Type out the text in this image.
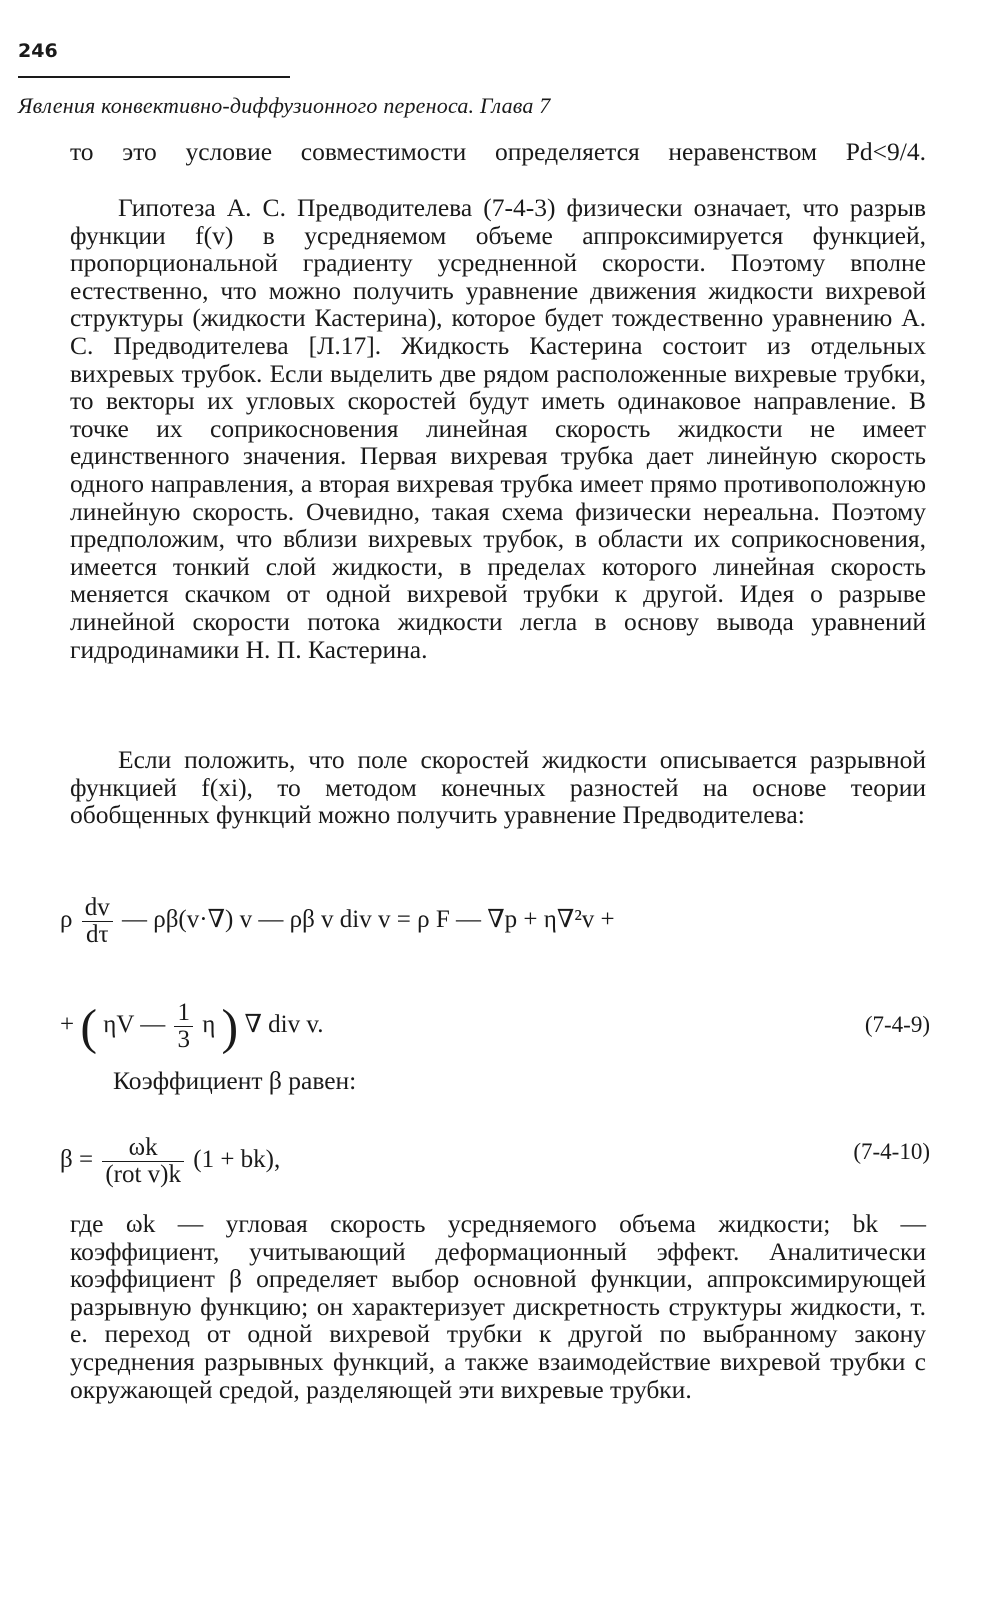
246
Явления конвективно-диффузионного переноса. Глава 7

то это условие совместимости определяется неравенством Pd<9/4.

Гипотеза А. С. Предводителева (7-4-3) физически означает, что разрыв функции f(v) в усредняемом объеме аппроксимируется функцией, пропорциональной градиенту усредненной скорости. Поэтому вполне естественно, что можно получить уравнение движения жидкости вихревой структуры (жидкости Кастерина), которое будет тождественно уравнению А. С. Предводителева [Л.17]. Жидкость Кастерина состоит из отдельных вихревых трубок. Если выделить две рядом расположенные вихревые трубки, то векторы их угловых скоростей будут иметь одинаковое направление. В точке их соприкосновения линейная скорость жидкости не имеет единственного значения. Первая вихревая трубка дает линейную скорость одного направления, а вторая вихревая трубка имеет прямо противоположную линейную скорость. Очевидно, такая схема физически нереальна. Поэтому предположим, что вблизи вихревых трубок, в области их соприкосновения, имеется тонкий слой жидкости, в пределах которого линейная скорость меняется скачком от одной вихревой трубки к другой. Идея о разрыве линейной скорости потока жидкости легла в основу вывода уравнений гидродинамики Н. П. Кастерина.

Если положить, что поле скоростей жидкости описывается разрывной функцией f(xi), то методом конечных разностей на основе теории обобщенных функций можно получить уравнение Предводителева:

ρ $\frac{dv}{d\tau}$ — ρβ(v·∇) v — ρβ v div v = ρ F — ∇p + η∇²v +
+ ( ηV — $\frac{1}{3}$ η ) ∇ div v.	(7-4-9)
Коэффициент β равен:
$\beta = \frac{\omega k}{\text{(rot v)k}} (1 + bk)$,	(7-4-10)

где ωk — угловая скорость усредняемого объема жидкости; bk — коэффициент, учитывающий деформационный эффект. Аналитически коэффициент β определяет выбор основной функции, аппроксимирующей разрывную функцию; он характеризует дискретность структуры жидкости, т. е. переход от одной вихревой трубки к другой по выбранному закону усреднения разрывных функций, а также взаимодействие вихревой трубки с окружающей средой, разделяющей эти вихревые трубки.
